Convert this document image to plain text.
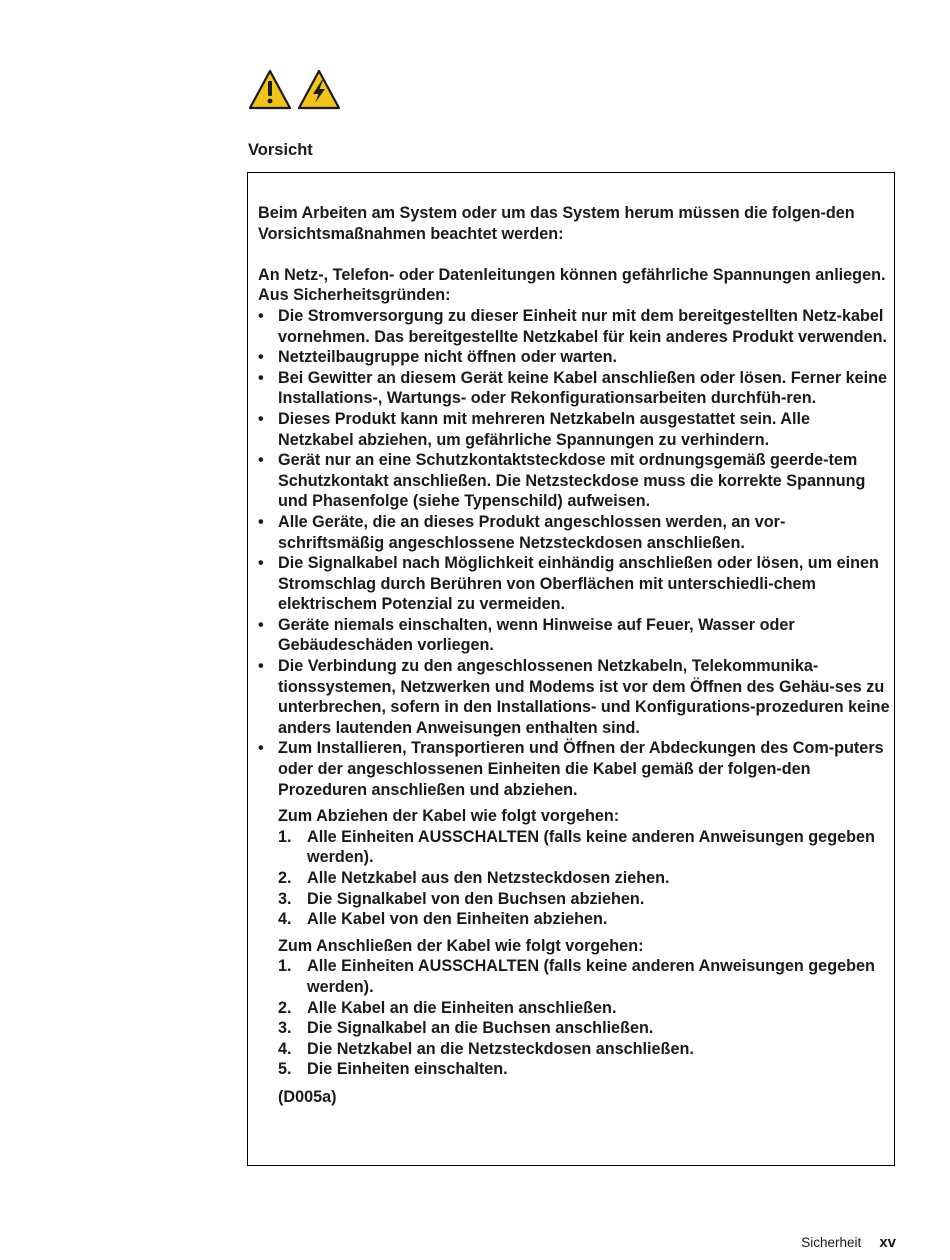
Vorsicht

Beim Arbeiten am System oder um das System herum müssen die folgen-den Vorsichtsmaßnahmen beachtet werden:

An Netz-, Telefon- oder Datenleitungen können gefährliche Spannungen anliegen. Aus Sicherheitsgründen:

• Die Stromversorgung zu dieser Einheit nur mit dem bereitgestellten Netz-kabel vornehmen. Das bereitgestellte Netzkabel für kein anderes Produkt verwenden.
• Netzteilbaugruppe nicht öffnen oder warten.
• Bei Gewitter an diesem Gerät keine Kabel anschließen oder lösen. Ferner keine Installations-, Wartungs- oder Rekonfigurationsarbeiten durchfüh-ren.
• Dieses Produkt kann mit mehreren Netzkabeln ausgestattet sein. Alle Netzkabel abziehen, um gefährliche Spannungen zu verhindern.
• Gerät nur an eine Schutzkontaktsteckdose mit ordnungsgemäß geerde-tem Schutzkontakt anschließen. Die Netzsteckdose muss die korrekte Spannung und Phasenfolge (siehe Typenschild) aufweisen.
• Alle Geräte, die an dieses Produkt angeschlossen werden, an vor-schriftsmäßig angeschlossene Netzsteckdosen anschließen.
• Die Signalkabel nach Möglichkeit einhändig anschließen oder lösen, um einen Stromschlag durch Berühren von Oberflächen mit unterschiedli-chem elektrischem Potenzial zu vermeiden.
• Geräte niemals einschalten, wenn Hinweise auf Feuer, Wasser oder Gebäudeschäden vorliegen.
• Die Verbindung zu den angeschlossenen Netzkabeln, Telekommunika-tionssystemen, Netzwerken und Modems ist vor dem Öffnen des Gehäu-ses zu unterbrechen, sofern in den Installations- und Konfigurations-prozeduren keine anders lautenden Anweisungen enthalten sind.
• Zum Installieren, Transportieren und Öffnen der Abdeckungen des Com-puters oder der angeschlossenen Einheiten die Kabel gemäß der folgen-den Prozeduren anschließen und abziehen.

Zum Abziehen der Kabel wie folgt vorgehen:

1. Alle Einheiten AUSSCHALTEN (falls keine anderen Anweisungen gegeben werden).
2. Alle Netzkabel aus den Netzsteckdosen ziehen.
3. Die Signalkabel von den Buchsen abziehen.
4. Alle Kabel von den Einheiten abziehen.

Zum Anschließen der Kabel wie folgt vorgehen:

1. Alle Einheiten AUSSCHALTEN (falls keine anderen Anweisungen gegeben werden).
2. Alle Kabel an die Einheiten anschließen.
3. Die Signalkabel an die Buchsen anschließen.
4. Die Netzkabel an die Netzsteckdosen anschließen.
5. Die Einheiten einschalten.

(D005a)

Sicherheit xv
